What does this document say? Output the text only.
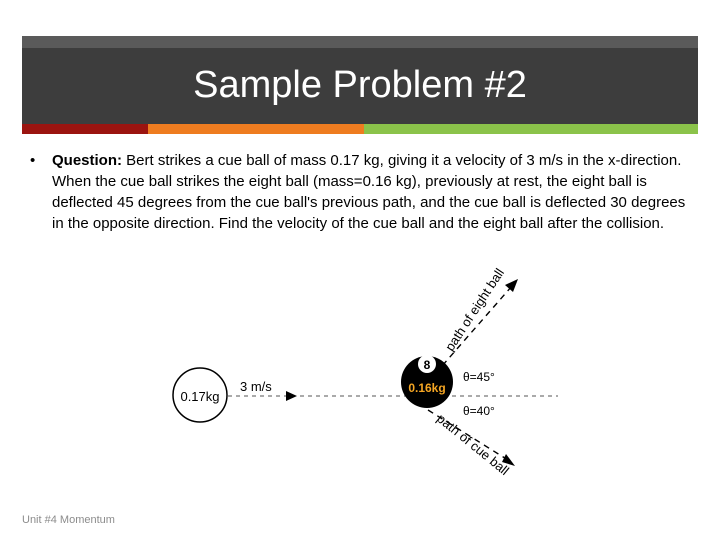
Sample Problem #2
• Question: Bert strikes a cue ball of mass 0.17 kg, giving it a velocity of 3 m/s in the x-direction. When the cue ball strikes the eight ball (mass=0.16 kg), previously at rest, the eight ball is deflected 45 degrees from the cue ball's previous path, and the cue ball is deflected 30 degrees in the opposite direction. Find the velocity of the cue ball and the eight ball after the collision.
0.17kg
3 m/s
8
0.16kg
θ=45°
θ=40°
path of eight ball
path of cue ball
Unit #4 Momentum
